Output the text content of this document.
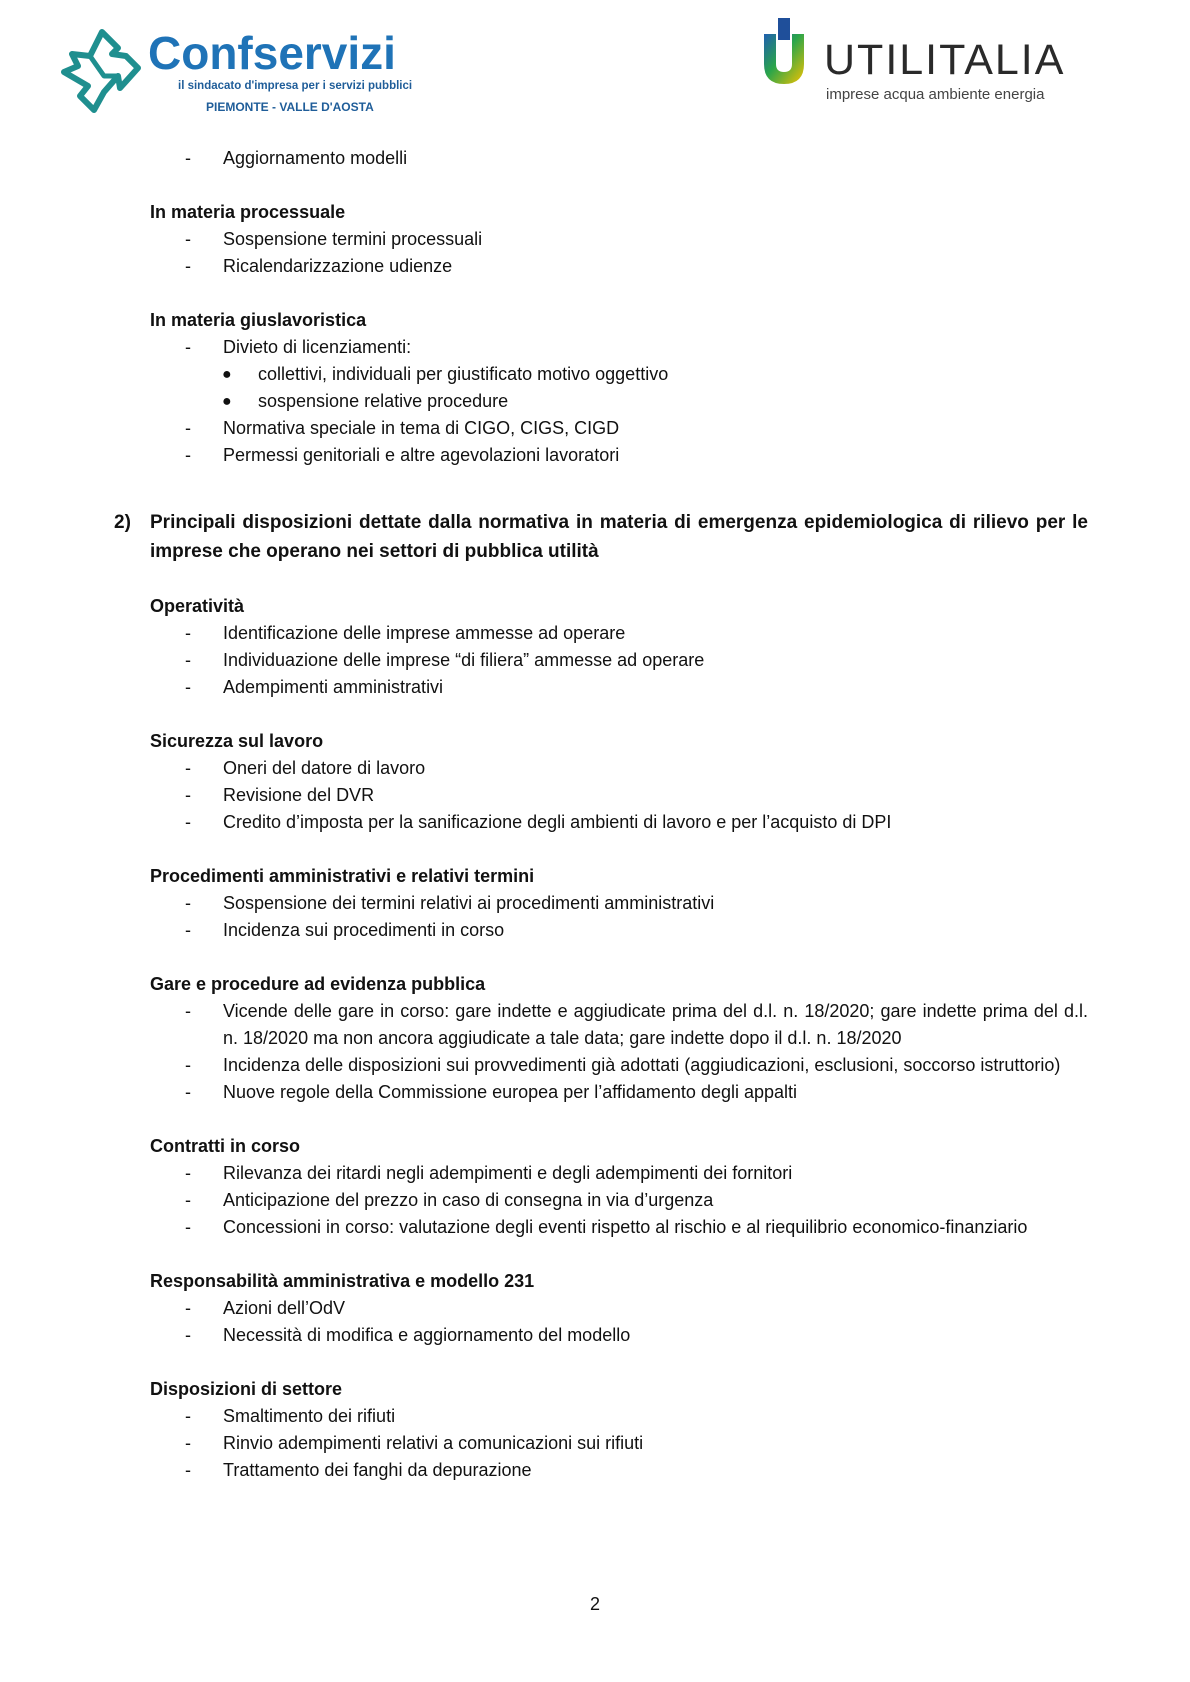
Confservizi
il sindacato d'impresa per i servizi pubblici
PIEMONTE - VALLE D'AOSTA
UTILITALIA
imprese acqua ambiente energia
- Aggiornamento modelli
In materia processuale
- Sospensione termini processuali
- Ricalendarizzazione udienze
In materia giuslavoristica
- Divieto di licenziamenti:
● collettivi, individuali per giustificato motivo oggettivo
● sospensione relative procedure
- Normativa speciale in tema di CIGO, CIGS, CIGD
- Permessi genitoriali e altre agevolazioni lavoratori
2) Principali disposizioni dettate dalla normativa in materia di emergenza epidemiologica di rilievo per le imprese che operano nei settori di pubblica utilità
Operatività
- Identificazione delle imprese ammesse ad operare
- Individuazione delle imprese “di filiera” ammesse ad operare
- Adempimenti amministrativi
Sicurezza sul lavoro
- Oneri del datore di lavoro
- Revisione del DVR
- Credito d’imposta per la sanificazione degli ambienti di lavoro e per l’acquisto di DPI
Procedimenti amministrativi e relativi termini
- Sospensione dei termini relativi ai procedimenti amministrativi
- Incidenza sui procedimenti in corso
Gare e procedure ad evidenza pubblica
- Vicende delle gare in corso: gare indette e aggiudicate prima del d.l. n. 18/2020; gare indette prima del d.l. n. 18/2020 ma non ancora aggiudicate a tale data; gare indette dopo il d.l. n. 18/2020
- Incidenza delle disposizioni sui provvedimenti già adottati (aggiudicazioni, esclusioni, soccorso istruttorio)
- Nuove regole della Commissione europea per l’affidamento degli appalti
Contratti in corso
- Rilevanza dei ritardi negli adempimenti e degli adempimenti dei fornitori
- Anticipazione del prezzo in caso di consegna in via d’urgenza
- Concessioni in corso: valutazione degli eventi rispetto al rischio e al riequilibrio economico-finanziario
Responsabilità amministrativa e modello 231
- Azioni dell’OdV
- Necessità di modifica e aggiornamento del modello
Disposizioni di settore
- Smaltimento dei rifiuti
- Rinvio adempimenti relativi a comunicazioni sui rifiuti
- Trattamento dei fanghi da depurazione
2
